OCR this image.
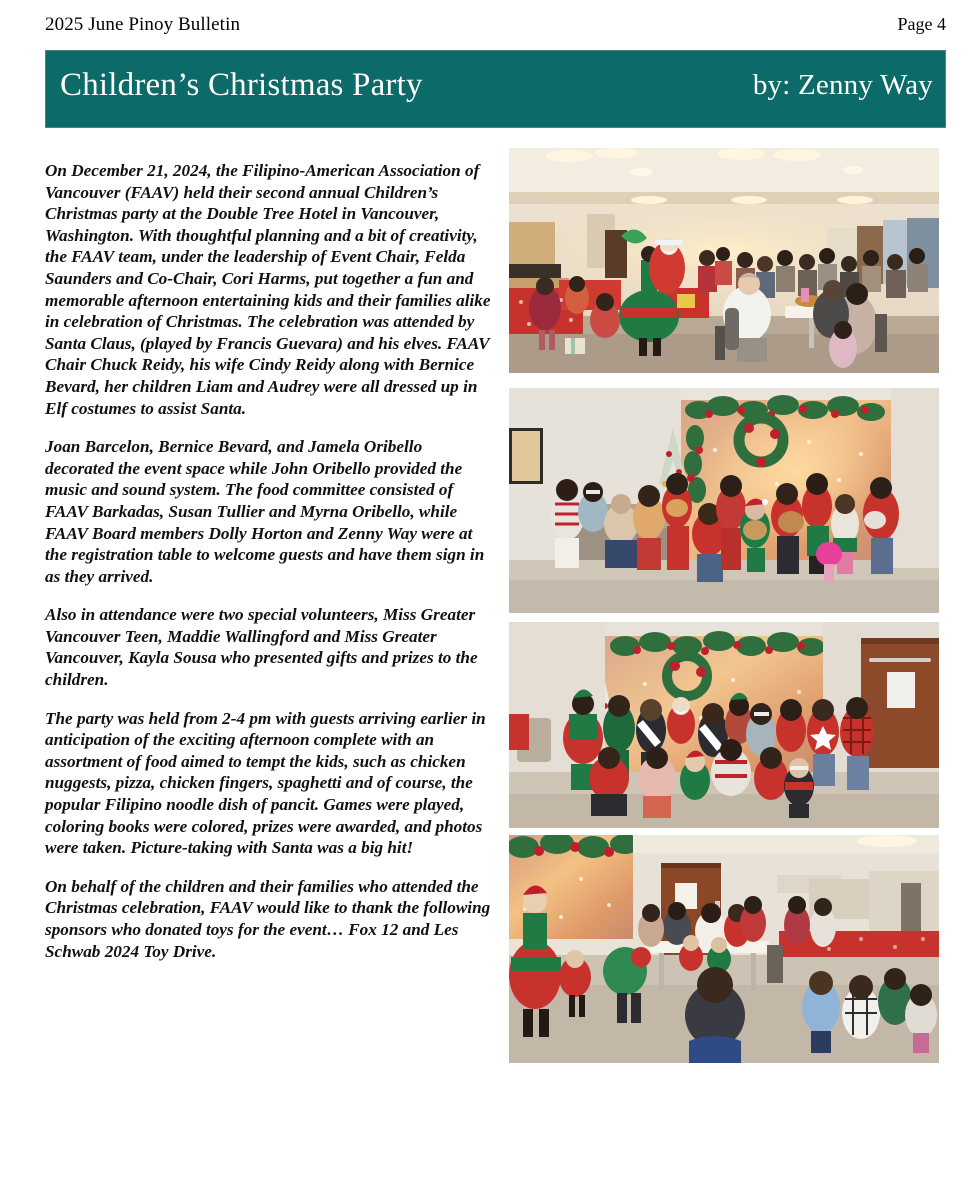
2025 June Pinoy Bulletin	Page 4
Children’s Christmas Party	by: Zenny Way

On December 21, 2024, the Filipino-American Association of Vancouver (FAAV) held their second annual Children’s Christmas party at the Double Tree Hotel in Vancouver, Washington. With thoughtful planning and a bit of creativity, the FAAV team, under the leadership of Event Chair, Felda Saunders and Co-Chair, Cori Harms, put together a fun and memorable afternoon entertaining kids and their families alike in celebration of Christmas. The celebration was attended by Santa Claus, (played by Francis Guevara) and his elves. FAAV Chair Chuck Reidy, his wife Cindy Reidy along with Bernice Bevard, her children Liam and Audrey were all dressed up in Elf costumes to assist Santa.

Joan Barcelon, Bernice Bevard, and Jamela Oribello decorated the event space while John Oribello provided the music and sound system. The food committee consisted of FAAV Barkadas, Susan Tullier and Myrna Oribello, while FAAV Board members Dolly Horton and Zenny Way were at the registration table to welcome guests and have them sign in as they arrived.

Also in attendance were two special volunteers, Miss Greater Vancouver Teen, Maddie Wallingford and Miss Greater Vancouver, Kayla Sousa who presented gifts and prizes to the children.

The party was held from 2-4 pm with guests arriving earlier in anticipation of the exciting afternoon complete with an assortment of food aimed to tempt the kids, such as chicken nuggests, pizza, chicken fingers, spaghetti and of course, the popular Filipino noodle dish of pancit. Games were played, coloring books were colored, prizes were awarded, and photos were taken. Picture-taking with Santa was a big hit!

On behalf of the children and their families who attended the Christmas celebration, FAAV would like to thank the following sponsors who donated toys for the event… Fox 12 and Les Schwab 2024 Toy Drive.
